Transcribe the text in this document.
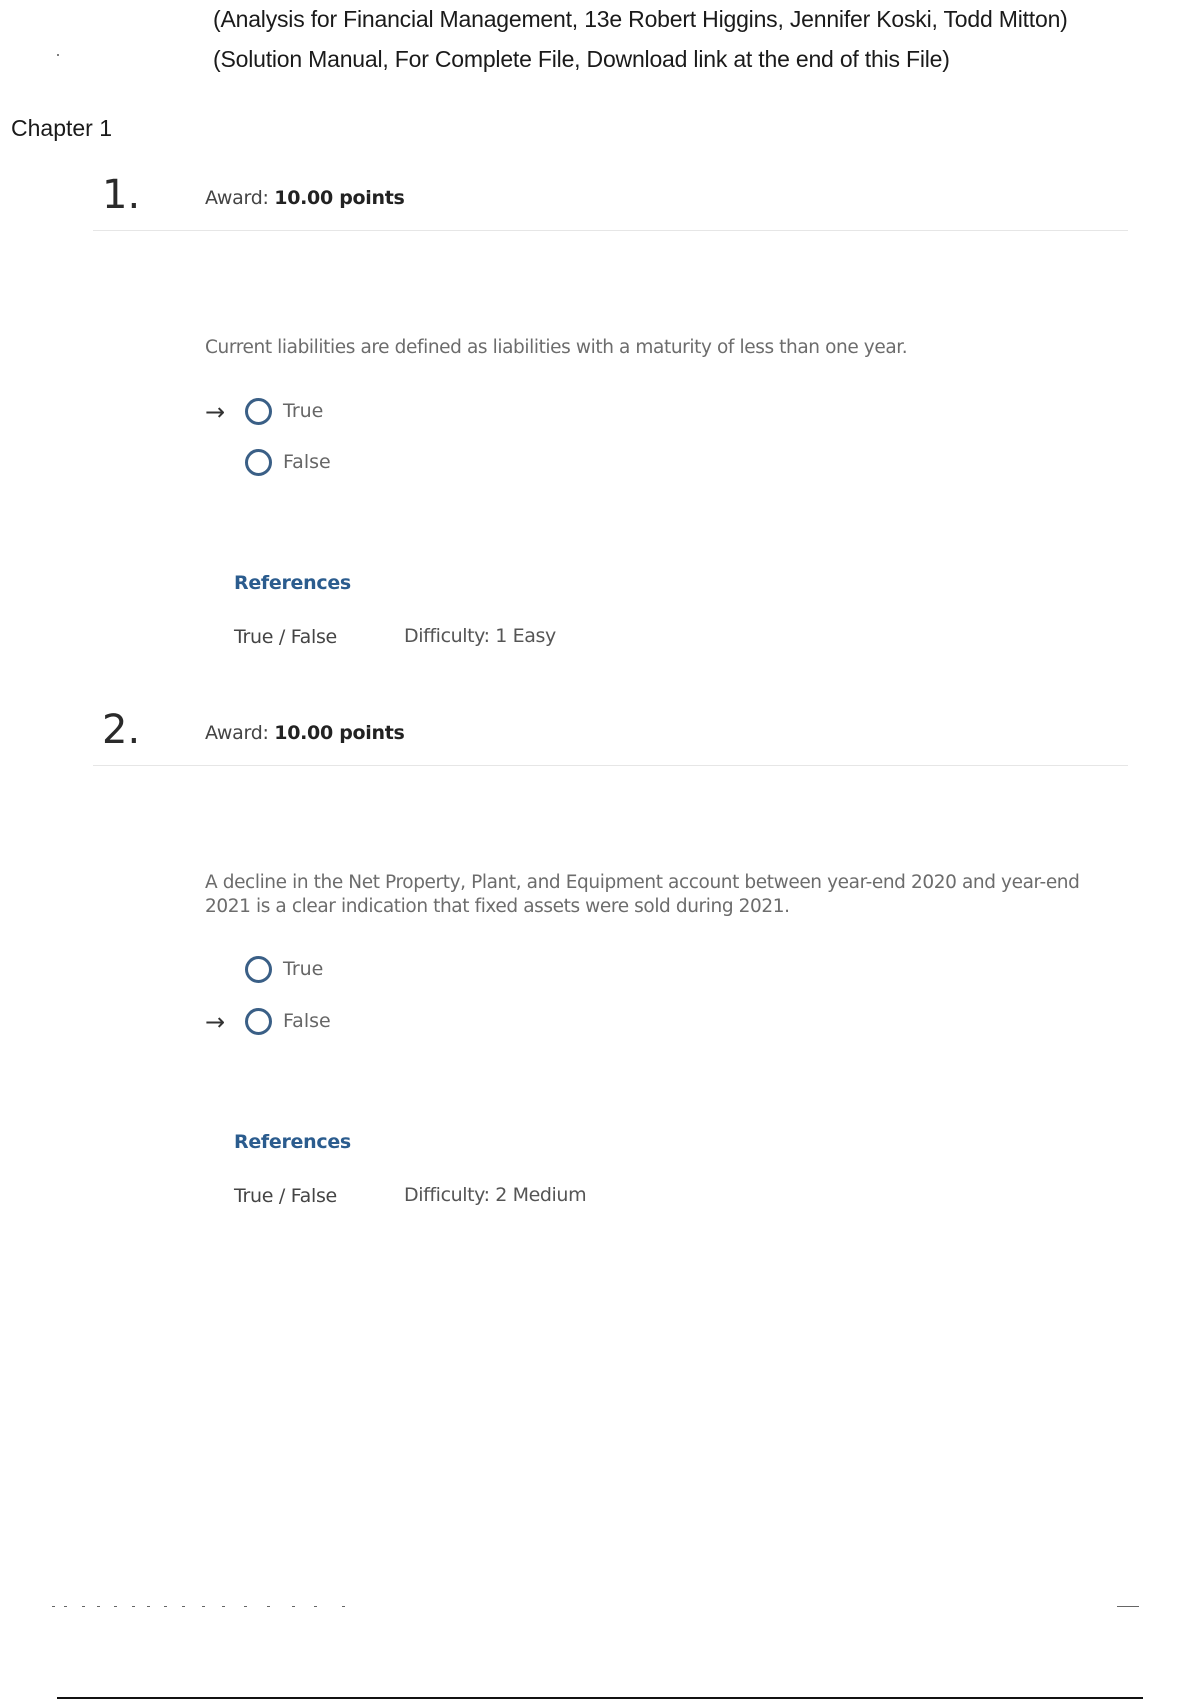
(Analysis for Financial Management, 13e Robert Higgins, Jennifer Koski, Todd Mitton)
(Solution Manual, For Complete File, Download link at the end of this File)
Chapter 1
1.	Award: 10.00 points
Current liabilities are defined as liabilities with a maturity of less than one year.
→	True
False
References
True / False	Difficulty: 1 Easy
2.	Award: 10.00 points
A decline in the Net Property, Plant, and Equipment account between year-end 2020 and year-end 2021 is a clear indication that fixed assets were sold during 2021.
True
→	False
References
True / False	Difficulty: 2 Medium
